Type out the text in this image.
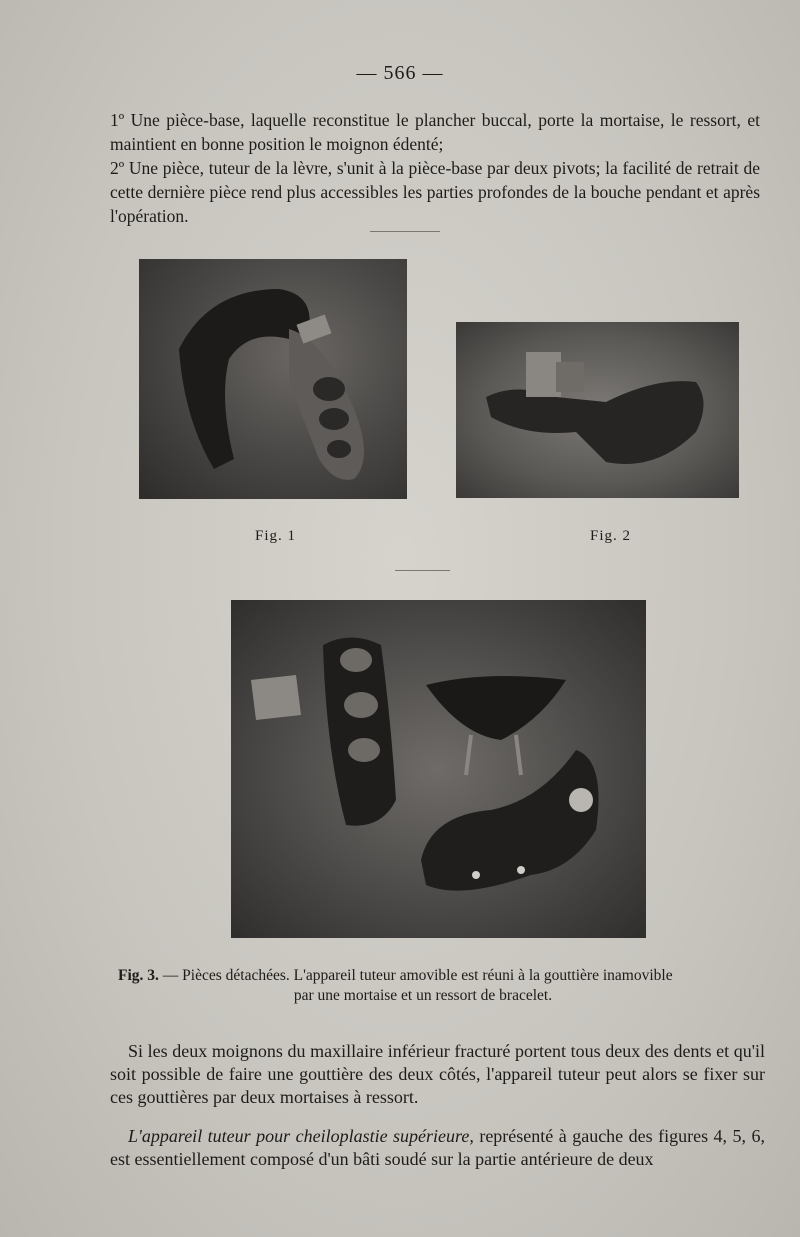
— 566 —
1º Une pièce-base, laquelle reconstitue le plancher buccal, porte la mortaise, le ressort, et maintient en bonne position le moignon édenté;
2º Une pièce, tuteur de la lèvre, s'unit à la pièce-base par deux pivots; la facilité de retrait de cette dernière pièce rend plus accessibles les parties profondes de la bouche pendant et après l'opération.
Fig. 1	Fig. 2
Fig. 3. — Pièces détachées. L'appareil tuteur amovible est réuni à la gouttière inamovible
par une mortaise et un ressort de bracelet.
Si les deux moignons du maxillaire inférieur fracturé portent tous deux des dents et qu'il soit possible de faire une gouttière des deux côtés, l'appareil tuteur peut alors se fixer sur ces gouttières par deux mortaises à ressort.
L'appareil tuteur pour cheiloplastie supérieure, représenté à gauche des figures 4, 5, 6, est essentiellement composé d'un bâti soudé sur la partie antérieure de deux
